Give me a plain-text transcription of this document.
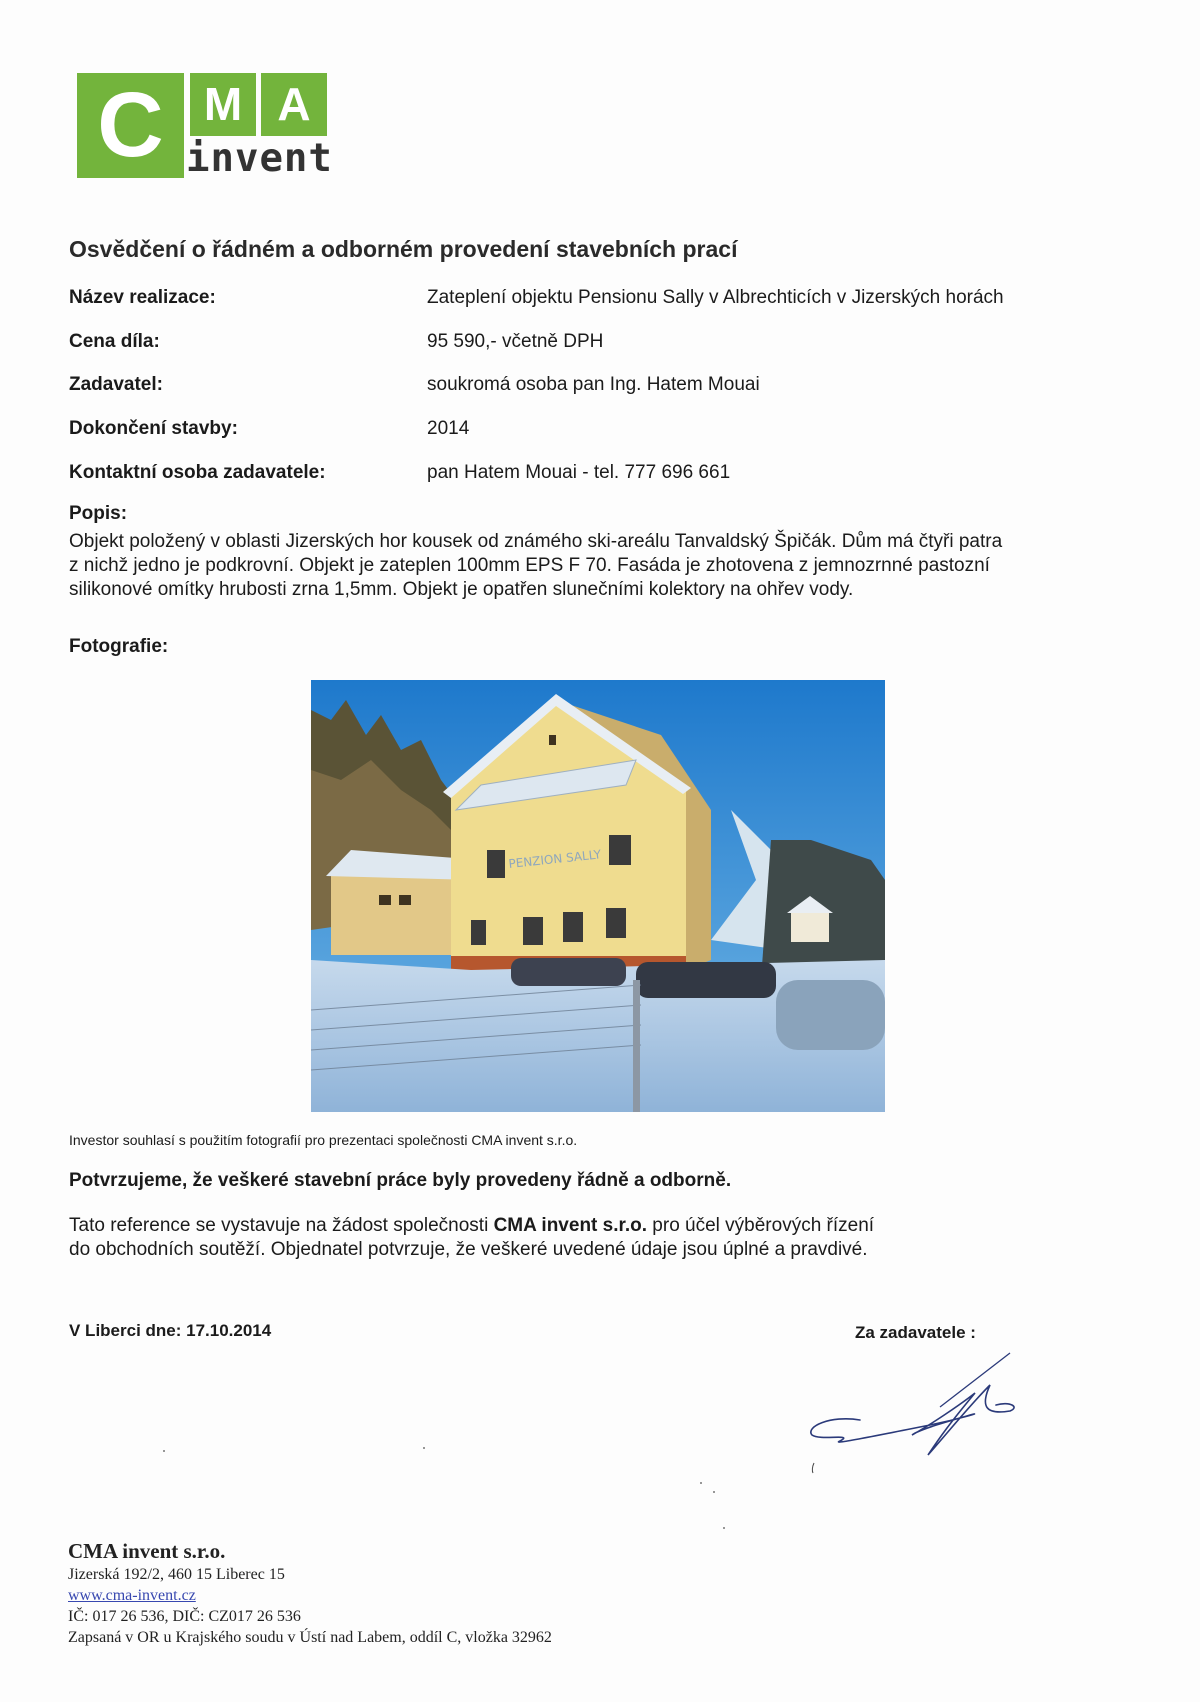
C M A
invent
Osvědčení o řádném a odborném provedení stavebních prací
Název realizace:	Zateplení objektu Pensionu Sally v Albrechticích v Jizerských horách
Cena díla:	95 590,- včetně DPH
Zadavatel:	soukromá osoba pan Ing. Hatem Mouai
Dokončení stavby:	2014
Kontaktní osoba zadavatele:	pan Hatem Mouai - tel. 777 696 661
Popis:
Objekt položený v oblasti Jizerských hor kousek od známého ski-areálu Tanvaldský Špičák. Dům má čtyři patra
z nichž jedno je podkrovní. Objekt je zateplen 100mm EPS F 70. Fasáda je zhotovena z jemnozrnné pastozní
silikonové omítky hrubosti zrna 1,5mm. Objekt je opatřen slunečními kolektory na ohřev vody.
Fotografie:
PENZION SALLY
Investor souhlasí s použitím fotografií pro prezentaci společnosti CMA invent s.r.o.
Potvrzujeme, že veškeré stavební práce byly provedeny řádně a odborně.
Tato reference se vystavuje na žádost společnosti CMA invent s.r.o. pro účel výběrových řízení
do obchodních soutěží. Objednatel potvrzuje, že veškeré uvedené údaje jsou úplné a pravdivé.
V Liberci dne: 17.10.2014	Za zadavatele :
CMA invent s.r.o.
Jizerská 192/2, 460 15 Liberec 15
www.cma-invent.cz
IČ: 017 26 536, DIČ: CZ017 26 536
Zapsaná v OR u Krajského soudu v Ústí nad Labem, oddíl C, vložka 32962
